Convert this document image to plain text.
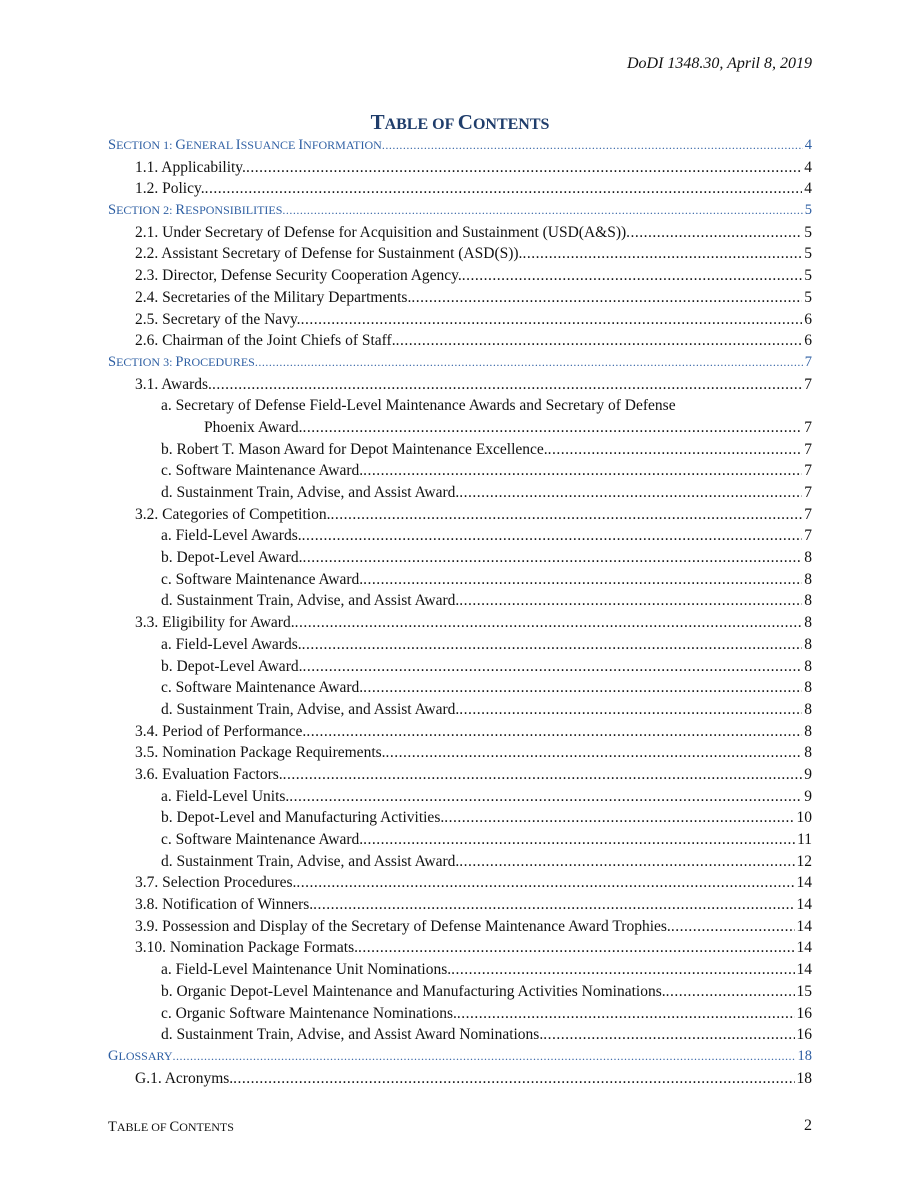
DoDI 1348.30, April 8, 2019
TABLE OF CONTENTS
SECTION 1: GENERAL ISSUANCE INFORMATION .....	4
1.1. Applicability. .....	4
1.2. Policy. .....	4
SECTION 2: RESPONSIBILITIES .....	5
2.1. Under Secretary of Defense for Acquisition and Sustainment (USD(A&S)) .....	5
2.2. Assistant Secretary of Defense for Sustainment (ASD(S)). .....	5
2.3. Director, Defense Security Cooperation Agency. .....	5
2.4. Secretaries of the Military Departments. .....	5
2.5. Secretary of the Navy. .....	6
2.6. Chairman of the Joint Chiefs of Staff. .....	6
SECTION 3: PROCEDURES .....	7
3.1. Awards. .....	7
a. Secretary of Defense Field-Level Maintenance Awards and Secretary of Defense
Phoenix Award. .....	7
b. Robert T. Mason Award for Depot Maintenance Excellence. .....	7
c. Software Maintenance Award. .....	7
d. Sustainment Train, Advise, and Assist Award. .....	7
3.2. Categories of Competition. .....	7
a. Field-Level Awards. .....	7
b. Depot-Level Award. .....	8
c. Software Maintenance Award. .....	8
d. Sustainment Train, Advise, and Assist Award. .....	8
3.3. Eligibility for Award. .....	8
a. Field-Level Awards. .....	8
b. Depot-Level Award. .....	8
c. Software Maintenance Award. .....	8
d. Sustainment Train, Advise, and Assist Award. .....	8
3.4. Period of Performance. .....	8
3.5. Nomination Package Requirements. .....	8
3.6. Evaluation Factors. .....	9
a. Field-Level Units. .....	9
b. Depot-Level and Manufacturing Activities. .....	10
c. Software Maintenance Award. .....	11
d. Sustainment Train, Advise, and Assist Award. .....	12
3.7. Selection Procedures. .....	14
3.8. Notification of Winners. .....	14
3.9. Possession and Display of the Secretary of Defense Maintenance Award Trophies. .....	14
3.10. Nomination Package Formats. .....	14
a. Field-Level Maintenance Unit Nominations. .....	14
b. Organic Depot-Level Maintenance and Manufacturing Activities Nominations. .....	15
c. Organic Software Maintenance Nominations. .....	16
d. Sustainment Train, Advise, and Assist Award Nominations. .....	16
GLOSSARY .....	18
G.1. Acronyms. .....	18
TABLE OF CONTENTS	2
